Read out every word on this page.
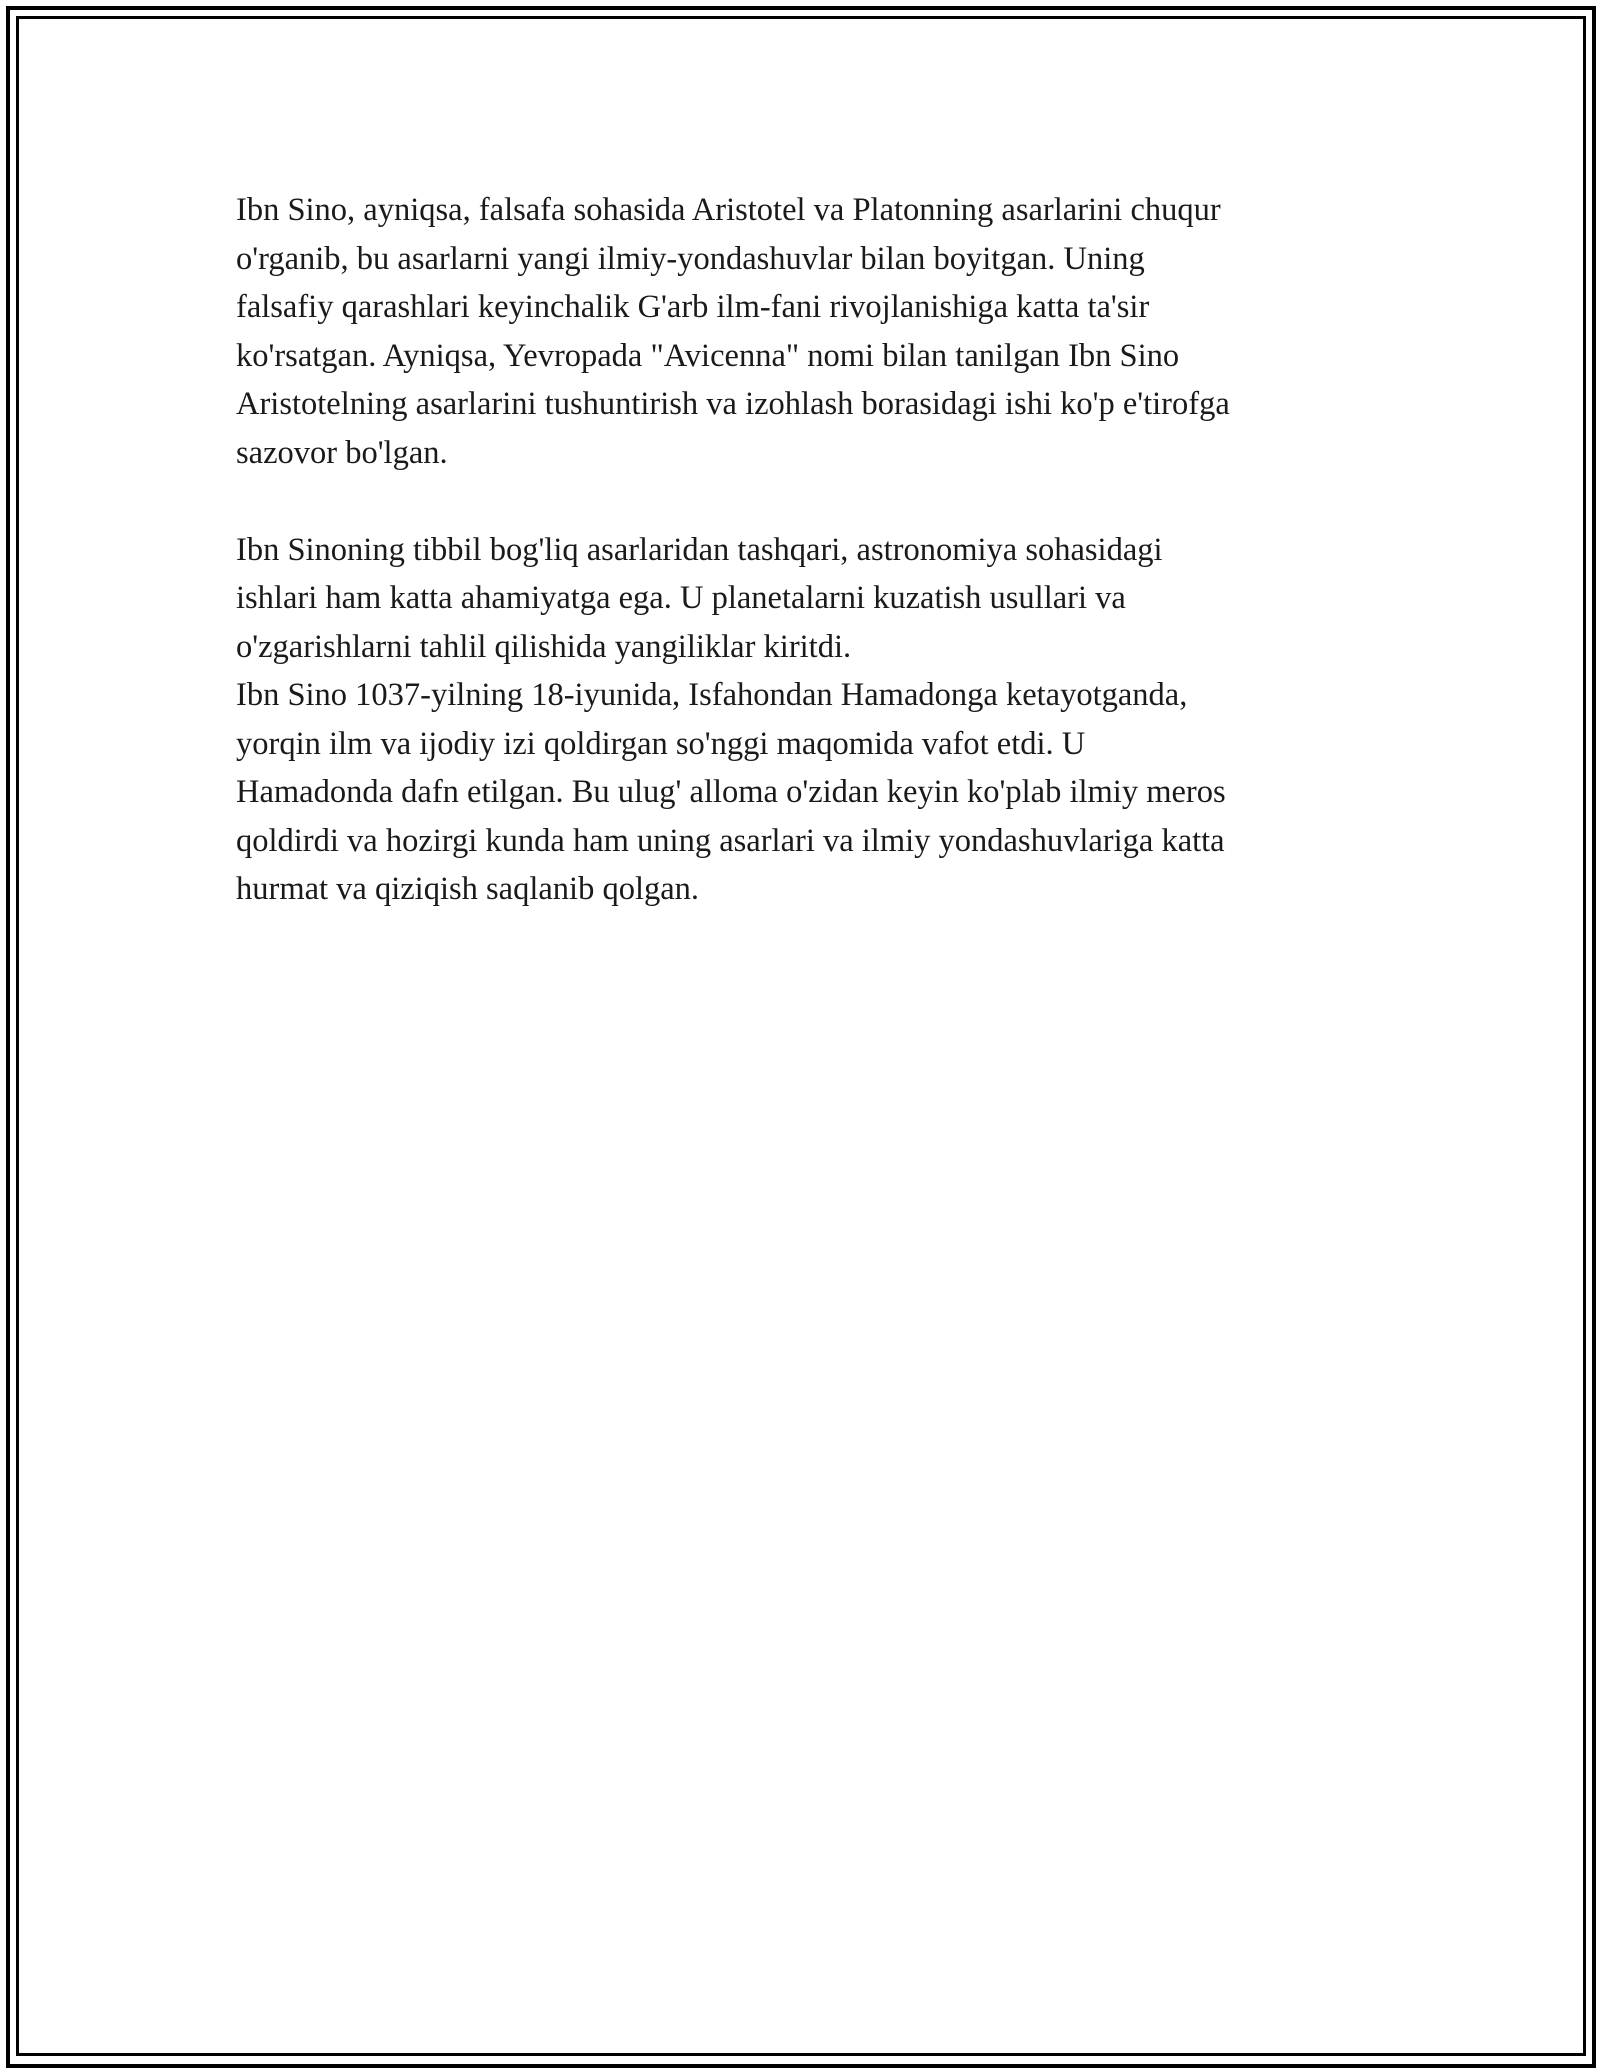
Ibn Sino, ayniqsa, falsafa sohasida Aristotel va Platonning asarlarini chuqur
o'rganib, bu asarlarni yangi ilmiy-yondashuvlar bilan boyitgan. Uning
falsafiy qarashlari keyinchalik G'arb ilm-fani rivojlanishiga katta ta'sir
ko'rsatgan. Ayniqsa, Yevropada "Avicenna" nomi bilan tanilgan Ibn Sino
Aristotelning asarlarini tushuntirish va izohlash borasidagi ishi ko'p e'tirofga
sazovor bo'lgan.

Ibn Sinoning tibbil bog'liq asarlaridan tashqari, astronomiya sohasidagi
ishlari ham katta ahamiyatga ega. U planetalarni kuzatish usullari va
o'zgarishlarni tahlil qilishida yangiliklar kiritdi.

Ibn Sino 1037-yilning 18-iyunida, Isfahondan Hamadonga ketayotganda,
yorqin ilm va ijodiy izi qoldirgan so'nggi maqomida vafot etdi. U
Hamadonda dafn etilgan. Bu ulug' alloma o'zidan keyin ko'plab ilmiy meros
qoldirdi va hozirgi kunda ham uning asarlari va ilmiy yondashuvlariga katta
hurmat va qiziqish saqlanib qolgan.
